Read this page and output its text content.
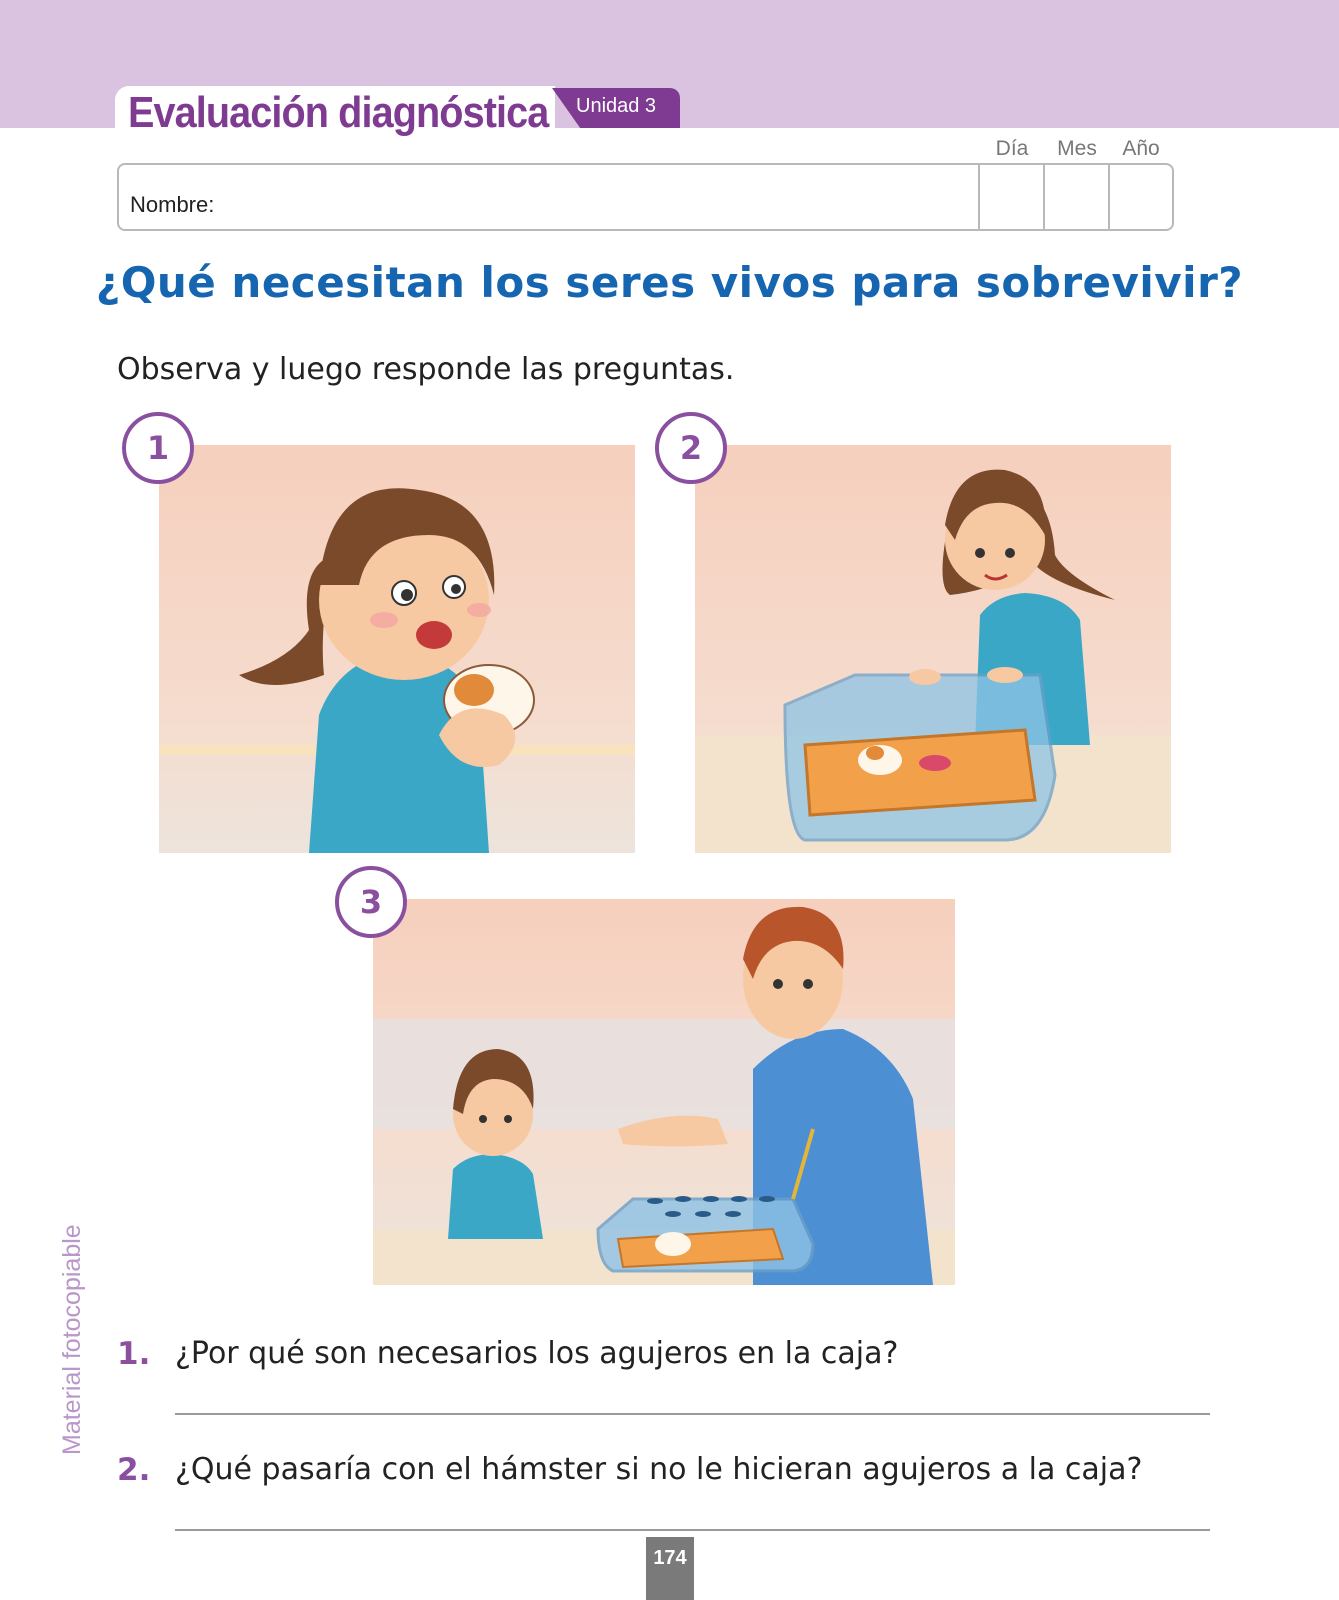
Evaluación diagnóstica Unidad 3
Día	Mes	Año
Nombre:
¿Qué necesitan los seres vivos para sobrevivir?
Observa y luego responde las preguntas.
1	2
3
1. ¿Por qué son necesarios los agujeros en la caja?
2. ¿Qué pasaría con el hámster si no le hicieran agujeros a la caja?
Material fotocopiable
174
